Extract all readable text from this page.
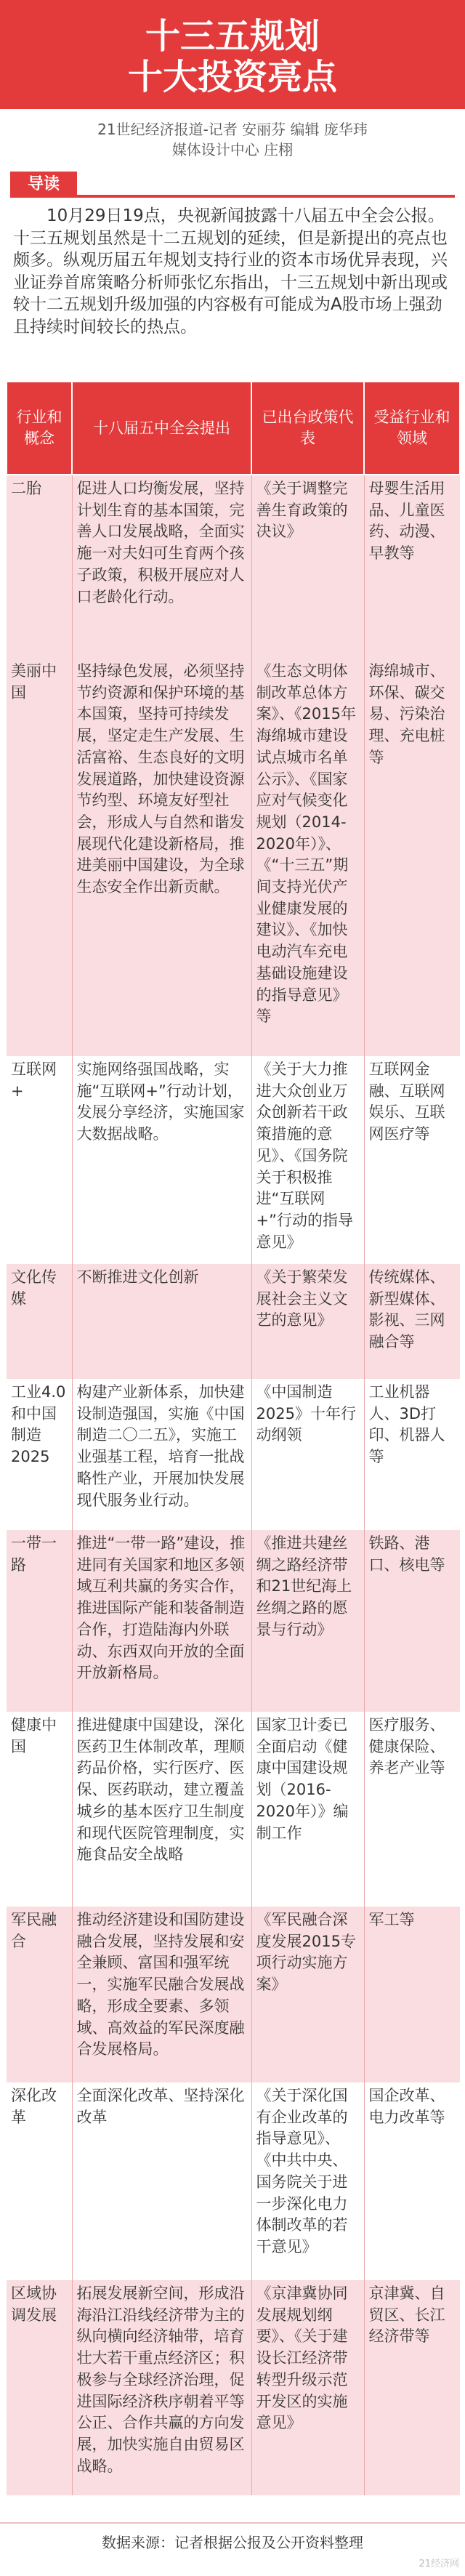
十三五规划
十大投资亮点
21世纪经济报道-记者 安丽芬 编辑 庞华玮
媒体设计中心 庄栩
导读

10月29日19点，央视新闻披露十八届五中全会公报。十三五规划虽然是十二五规划的延续，但是新提出的亮点也颇多。纵观历届五年规划支持行业的资本市场优异表现，兴业证券首席策略分析师张忆东指出，十三五规划中新出现或较十二五规划升级加强的内容极有可能成为A股市场上强劲且持续时间较长的热点。

行业和概念	十八届五中全会提出	已出台政策代表	受益行业和领域
二胎	促进人口均衡发展，坚持计划生育的基本国策，完善人口发展战略，全面实施一对夫妇可生育两个孩子政策，积极开展应对人口老龄化行动。	《关于调整完善生育政策的决议》	母婴生活用品、儿童医药、动漫、早教等
美丽中国	坚持绿色发展，必须坚持节约资源和保护环境的基本国策，坚持可持续发展，坚定走生产发展、生活富裕、生态良好的文明发展道路，加快建设资源节约型、环境友好型社会，形成人与自然和谐发展现代化建设新格局，推进美丽中国建设，为全球生态安全作出新贡献。	《生态文明体制改革总体方案》、《2015年海绵城市建设试点城市名单公示》、《国家应对气候变化规划（2014-2020年）》、《“十三五”期间支持光伏产业健康发展的建议》、《加快电动汽车充电基础设施建设的指导意见》等	海绵城市、环保、碳交易、污染治理、充电桩等
互联网+	实施网络强国战略，实施“互联网+”行动计划，发展分享经济，实施国家大数据战略。	《关于大力推进大众创业万众创新若干政策措施的意见》、《国务院关于积极推进“互联网+”行动的指导意见》	互联网金融、互联网娱乐、互联网医疗等
文化传媒	不断推进文化创新	《关于繁荣发展社会主义文艺的意见》	传统媒体、新型媒体、影视、三网融合等
工业4.0和中国制造2025	构建产业新体系，加快建设制造强国，实施《中国制造二〇二五》，实施工业强基工程，培育一批战略性产业，开展加快发展现代服务业行动。	《中国制造2025》十年行动纲领	工业机器人、3D打印、机器人等
一带一路	推进“一带一路”建设，推进同有关国家和地区多领域互利共赢的务实合作，推进国际产能和装备制造合作，打造陆海内外联动、东西双向开放的全面开放新格局。	《推进共建丝绸之路经济带和21世纪海上丝绸之路的愿景与行动》	铁路、港口、核电等
健康中国	推进健康中国建设，深化医药卫生体制改革，理顺药品价格，实行医疗、医保、医药联动，建立覆盖城乡的基本医疗卫生制度和现代医院管理制度，实施食品安全战略	国家卫计委已全面启动《健康中国建设规划（2016-2020年）》编制工作	医疗服务、健康保险、养老产业等
军民融合	推动经济建设和国防建设融合发展，坚持发展和安全兼顾、富国和强军统一，实施军民融合发展战略，形成全要素、多领域、高效益的军民深度融合发展格局。	《军民融合深度发展2015专项行动实施方案》	军工等
深化改革	全面深化改革、坚持深化改革	《关于深化国有企业改革的指导意见》、《中共中央、国务院关于进一步深化电力体制改革的若干意见》	国企改革、电力改革等
区域协调发展	拓展发展新空间，形成沿海沿江沿线经济带为主的纵向横向经济轴带，培育壮大若干重点经济区；积极参与全球经济治理，促进国际经济秩序朝着平等公正、合作共赢的方向发展，加快实施自由贸易区战略。	《京津冀协同发展规划纲要》、《关于建设长江经济带转型升级示范开发区的实施意见》	京津冀、自贸区、长江经济带等
数据来源：记者根据公报及公开资料整理
21经济网
